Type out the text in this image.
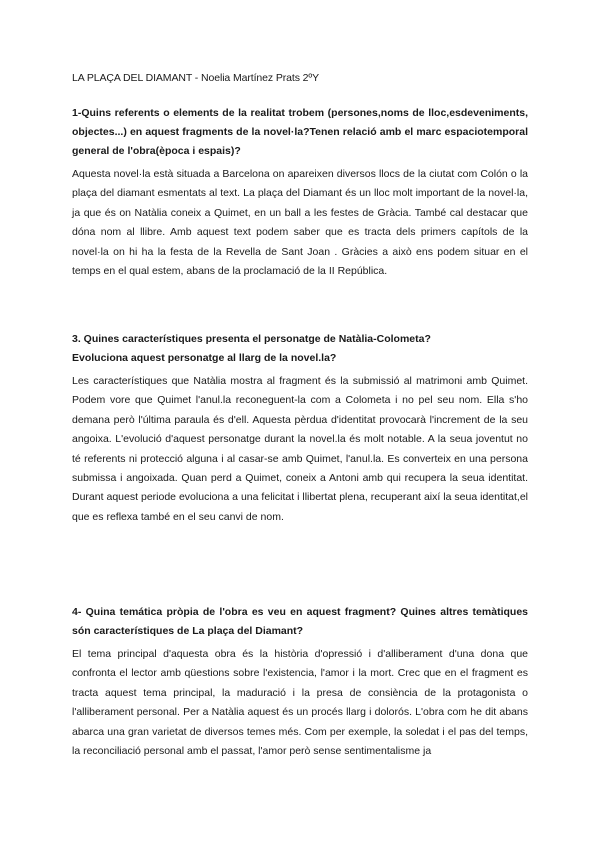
LA PLAÇA DEL DIAMANT - Noelia Martínez Prats 2ºY

1-Quins referents o elements de la realitat trobem (persones,noms de lloc,esdeveniments, objectes...) en aquest fragments de la novel·la?Tenen relació amb el marc espaciotemporal general de l'obra(època i espais)?

Aquesta novel·la està situada a Barcelona on apareixen diversos llocs de la ciutat com Colón o la plaça del diamant esmentats al text. La plaça del Diamant és un lloc molt important de la novel·la, ja que és on Natàlia coneix a Quimet, en un ball a les festes de Gràcia. També cal destacar que dóna nom al llibre. Amb aquest text podem saber que es tracta dels primers capítols de la novel·la on hi ha la festa de la Revella de Sant Joan . Gràcies a això ens podem situar en el temps en el qual estem, abans de la proclamació de la II República.

3. Quines característiques presenta el personatge de Natàlia-Colometa?
Evoluciona aquest personatge al llarg de la novel.la?

Les característiques que Natàlia mostra al fragment és la submissió al matrimoni amb Quimet. Podem vore que Quimet l'anul.la reconeguent-la com a Colometa i no pel seu nom. Ella s'ho demana però l'última paraula és d'ell. Aquesta pèrdua d'identitat provocarà l'increment de la seu angoixa. L'evolució d'aquest personatge durant la novel.la és molt notable. A la seua joventut no té referents ni protecció alguna i al casar-se amb Quimet, l'anul.la. Es converteix en una persona submissa i angoixada. Quan perd a Quimet, coneix a Antoni amb qui recupera la seua identitat. Durant aquest periode evoluciona a una felicitat i llibertat plena, recuperant així la seua identitat,el que es reflexa també en el seu canvi de nom.

4- Quina temática pròpia de l'obra es veu en aquest fragment? Quines altres temàtiques són característiques de La plaça del Diamant?

El tema principal d'aquesta obra és la història d'opressió i d'alliberament d'una dona que confronta el lector amb qüestions sobre l'existencia, l'amor i la mort. Crec que en el fragment es tracta aquest tema principal, la maduració i la presa de consiència de la protagonista o l'alliberament personal. Per a Natàlia aquest és un procés llarg i dolorós. L'obra com he dit abans abarca una gran varietat de diversos temes més. Com per exemple, la soledat i el pas del temps, la reconciliació personal amb el passat, l'amor però sense sentimentalisme ja
